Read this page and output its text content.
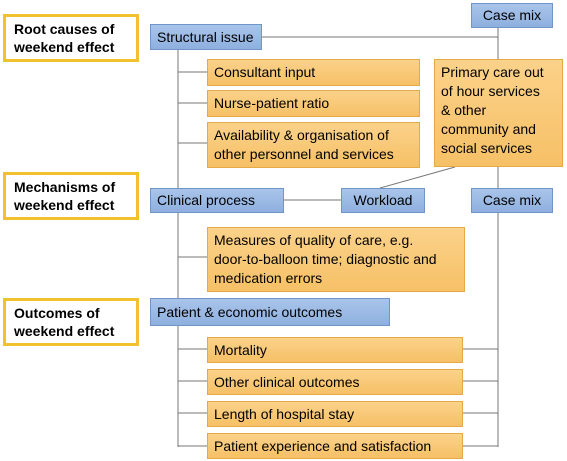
Root causes of
weekend effect
Mechanisms of
weekend effect
Outcomes of
weekend effect
Structural issue
Case mix
Consultant input
Nurse-patient ratio
Availability & organisation of
other personnel and services
Primary care out
of hour services
& other
community and
social services
Clinical process	Workload	Case mix
Measures of quality of care, e.g.
door-to-balloon time; diagnostic and
medication errors
Patient & economic outcomes
Mortality
Other clinical outcomes
Length of hospital stay
Patient experience and satisfaction
